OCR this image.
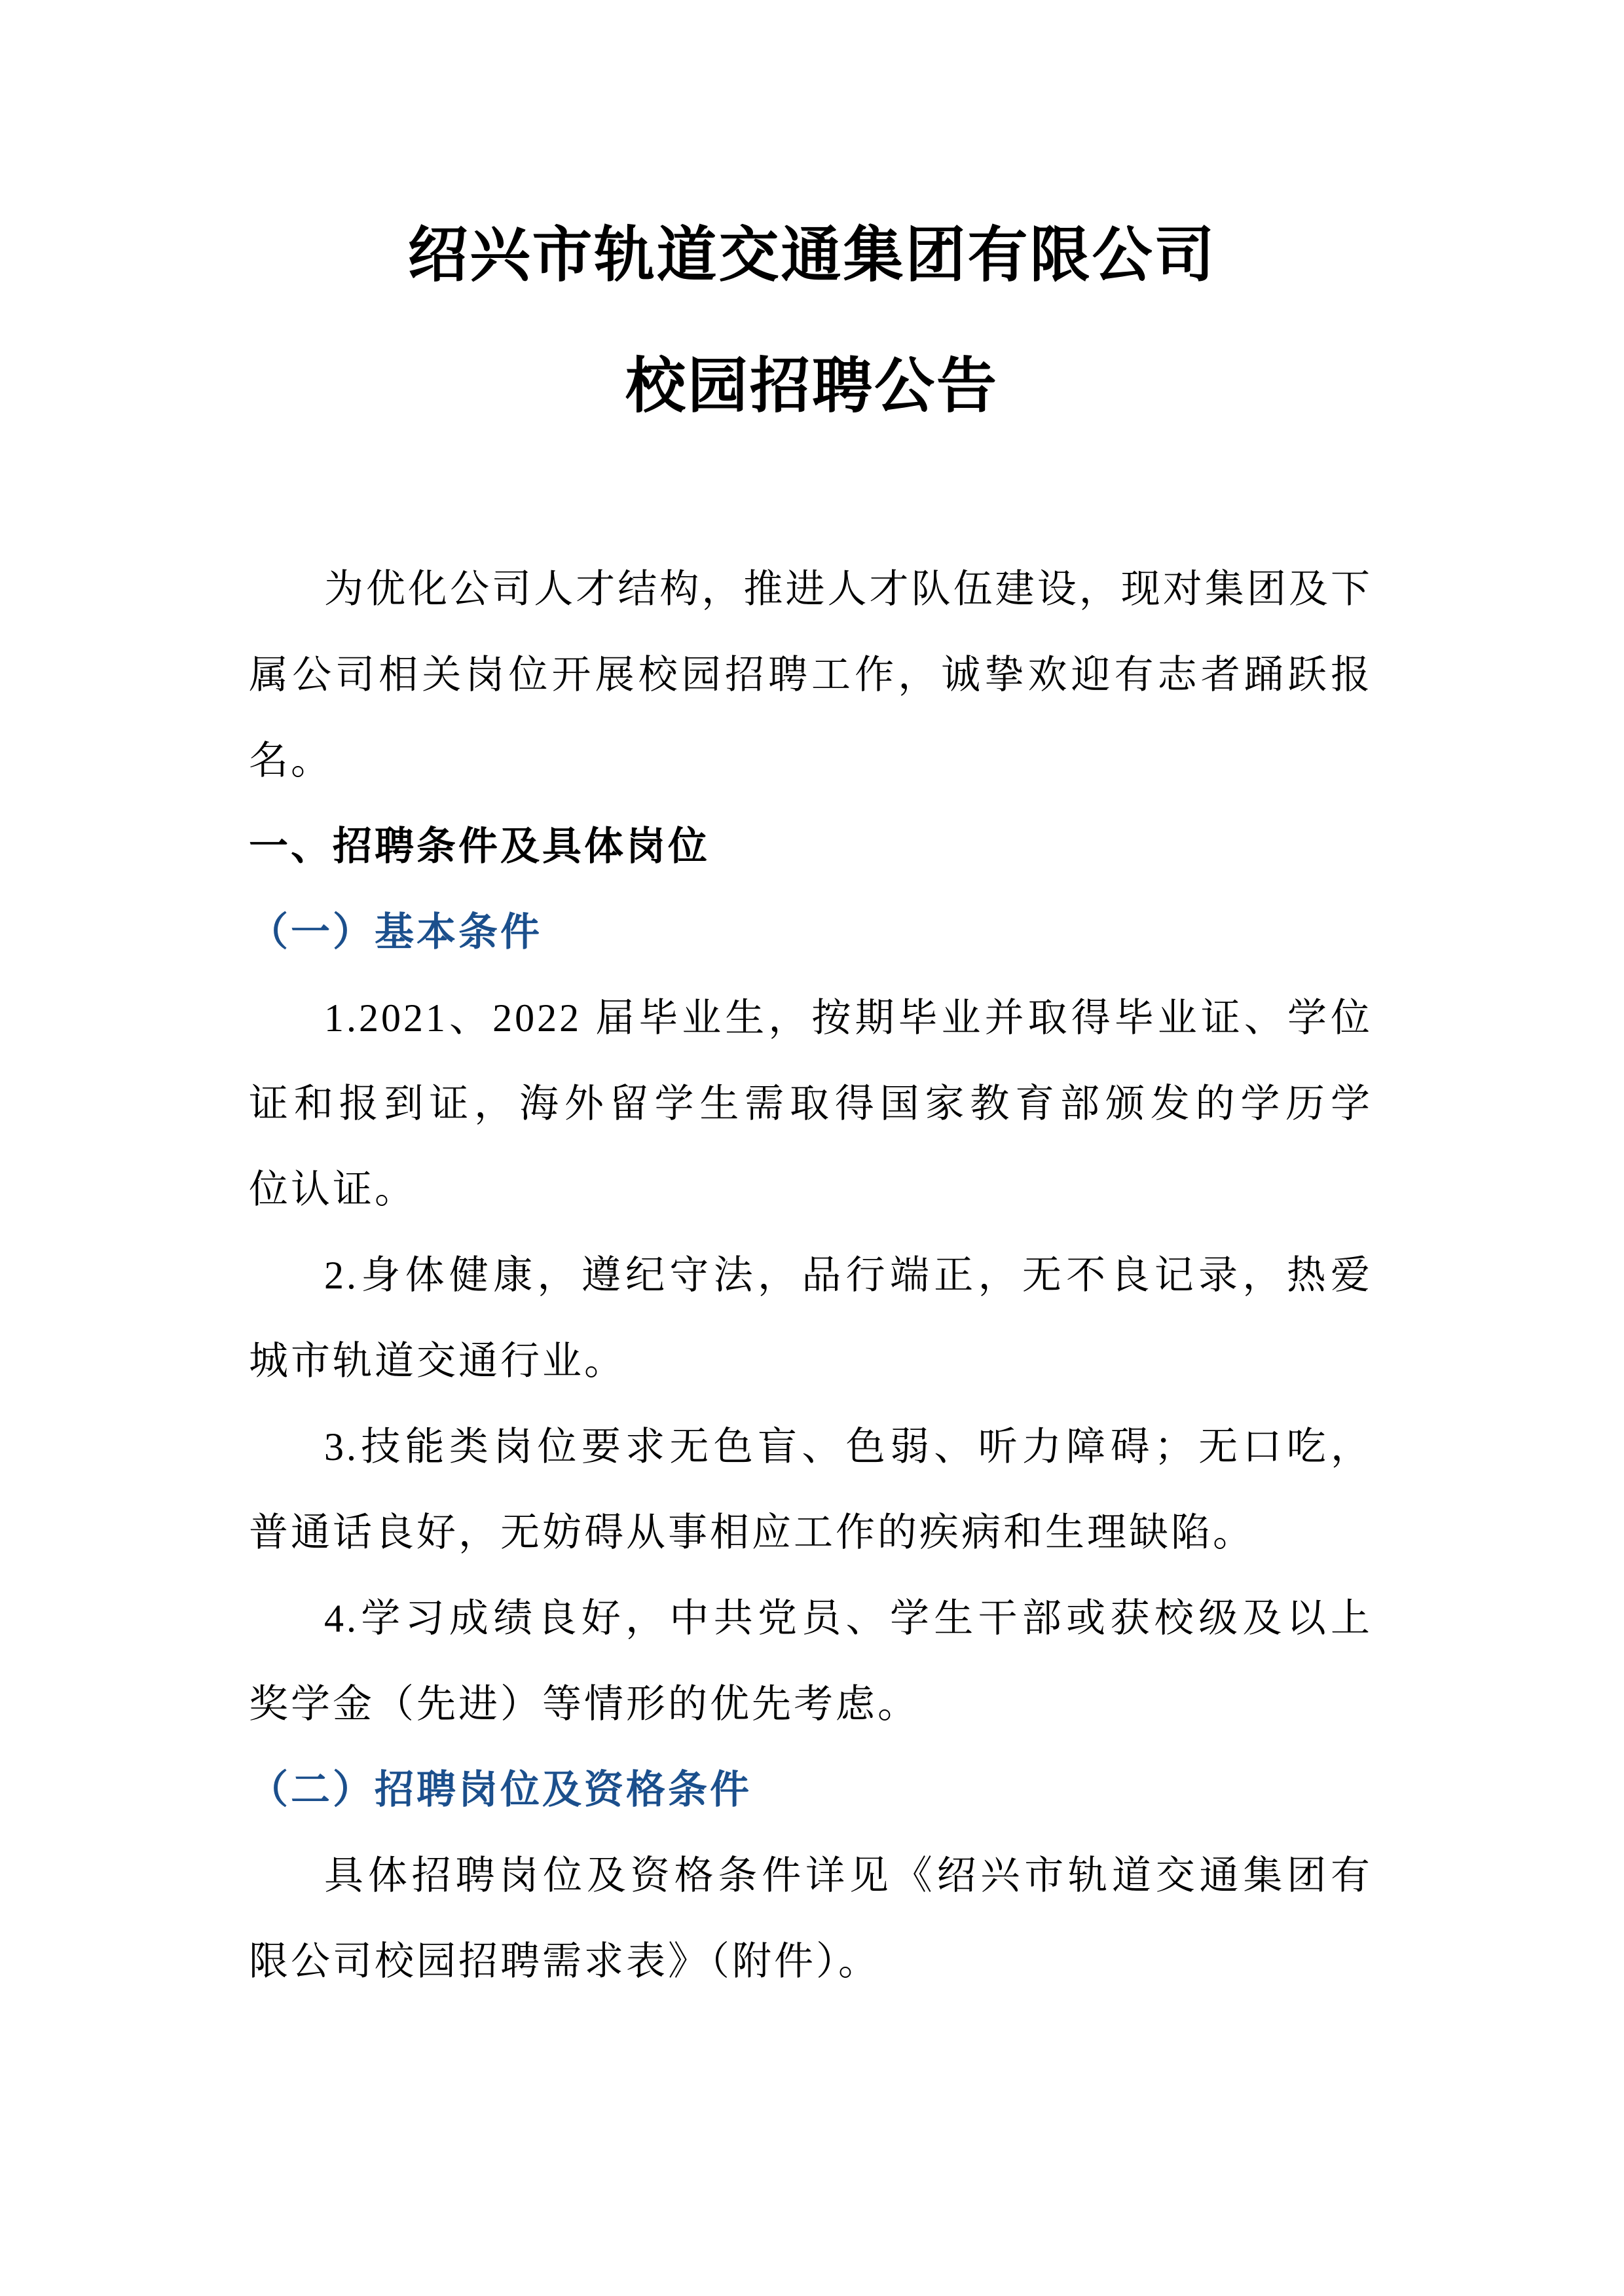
绍兴市轨道交通集团有限公司
校园招聘公告
为优化公司人才结构，推进人才队伍建设，现对集团及下
属公司相关岗位开展校园招聘工作，诚挚欢迎有志者踊跃报
名。
一、招聘条件及具体岗位
（一）基本条件
1.2021、2022 届毕业生，按期毕业并取得毕业证、学位
证和报到证，海外留学生需取得国家教育部颁发的学历学
位认证。
2.身体健康，遵纪守法，品行端正，无不良记录，热爱
城市轨道交通行业。
3.技能类岗位要求无色盲、色弱、听力障碍；无口吃，
普通话良好，无妨碍从事相应工作的疾病和生理缺陷。
4.学习成绩良好，中共党员、学生干部或获校级及以上
奖学金（先进）等情形的优先考虑。
（二）招聘岗位及资格条件
具体招聘岗位及资格条件详见《绍兴市轨道交通集团有
限公司校园招聘需求表》（附件）。
